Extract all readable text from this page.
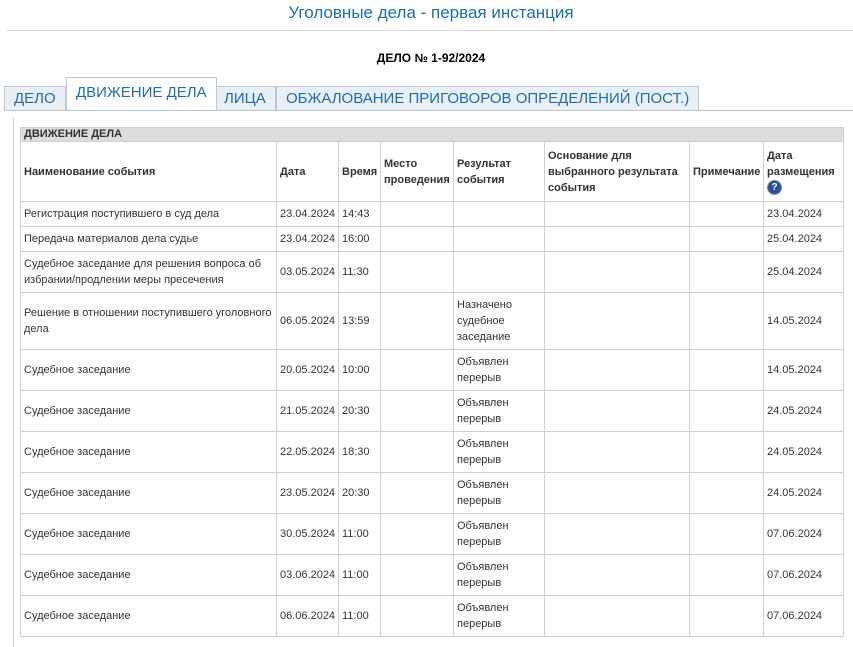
Уголовные дела - первая инстанция
ДЕЛО № 1-92/2024
ДЕЛО	ДВИЖЕНИЕ ДЕЛА	ЛИЦА	ОБЖАЛОВАНИЕ ПРИГОВОРОВ ОПРЕДЕЛЕНИЙ (ПОСТ.)
ДВИЖЕНИЕ ДЕЛА							
Наименование события	Дата	Время	Место проведения	Результат события	Основание для выбранного результата события	Примечание	Дата размещения
?
Регистрация поступившего в суд дела	23.04.2024	14:43					23.04.2024
Передача материалов дела судье	23.04.2024	16:00					25.04.2024
Судебное заседание для решения вопроса об избрании/продлении меры пресечения	03.05.2024	11:30					25.04.2024
Решение в отношении поступившего уголовного дела	06.05.2024	13:59		Назначено судебное заседание			14.05.2024
Судебное заседание	20.05.2024	10:00		Объявлен перерыв			14.05.2024
Судебное заседание	21.05.2024	20:30		Объявлен перерыв			24.05.2024
Судебное заседание	22.05.2024	18:30		Объявлен перерыв			24.05.2024
Судебное заседание	23.05.2024	20:30		Объявлен перерыв			24.05.2024
Судебное заседание	30.05.2024	11:00		Объявлен перерыв			07.06.2024
Судебное заседание	03.06.2024	11:00		Объявлен перерыв			07.06.2024
Судебное заседание	06.06.2024	11:00		Объявлен перерыв			07.06.2024
